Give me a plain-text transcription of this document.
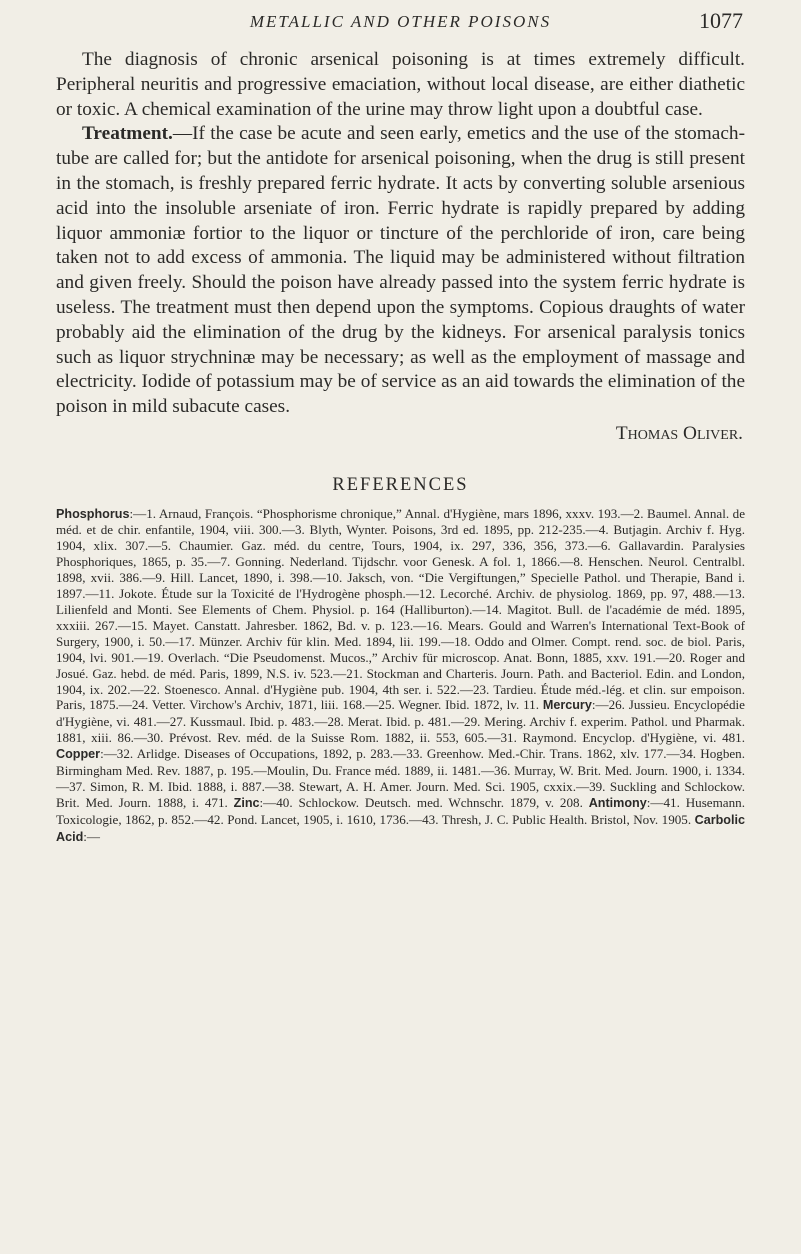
METALLIC AND OTHER POISONS	1077

The diagnosis of chronic arsenical poisoning is at times extremely difficult. Peripheral neuritis and progressive emaciation, without local disease, are either diathetic or toxic. A chemical examination of the urine may throw light upon a doubtful case.

Treatment.—If the case be acute and seen early, emetics and the use of the stomach-tube are called for; but the antidote for arsenical poisoning, when the drug is still present in the stomach, is freshly prepared ferric hydrate. It acts by converting soluble arsenious acid into the insoluble arseniate of iron. Ferric hydrate is rapidly prepared by adding liquor ammoniæ fortior to the liquor or tincture of the perchloride of iron, care being taken not to add excess of ammonia. The liquid may be administered without filtration and given freely. Should the poison have already passed into the system ferric hydrate is useless. The treatment must then depend upon the symptoms. Copious draughts of water probably aid the elimination of the drug by the kidneys. For arsenical paralysis tonics such as liquor strychninæ may be necessary; as well as the employment of massage and electricity. Iodide of potassium may be of service as an aid towards the elimination of the poison in mild subacute cases.

Thomas Oliver.
REFERENCES
Phosphorus:—1. Arnaud, François. “Phosphorisme chronique,” Annal. d'Hygiène, mars 1896, xxxv. 193.—2. Baumel. Annal. de méd. et de chir. enfantile, 1904, viii. 300.—3. Blyth, Wynter. Poisons, 3rd ed. 1895, pp. 212-235.—4. Butjagin. Archiv f. Hyg. 1904, xlix. 307.—5. Chaumier. Gaz. méd. du centre, Tours, 1904, ix. 297, 336, 356, 373.—6. Gallavardin. Paralysies Phosphoriques, 1865, p. 35.—7. Gonning. Nederland. Tijdschr. voor Genesk. A fol. 1, 1866.—8. Henschen. Neurol. Centralbl. 1898, xvii. 386.—9. Hill. Lancet, 1890, i. 398.—10. Jaksch, von. “Die Vergiftungen,” Specielle Pathol. und Therapie, Band i. 1897.—11. Jokote. Étude sur la Toxicité de l'Hydrogène phosph.—12. Lecorché. Archiv. de physiolog. 1869, pp. 97, 488.—13. Lilienfeld and Monti. See Elements of Chem. Physiol. p. 164 (Halliburton).—14. Magitot. Bull. de l'académie de méd. 1895, xxxiii. 267.—15. Mayet. Canstatt. Jahresber. 1862, Bd. v. p. 123.—16. Mears. Gould and Warren's International Text-Book of Surgery, 1900, i. 50.—17. Münzer. Archiv für klin. Med. 1894, lii. 199.—18. Oddo and Olmer. Compt. rend. soc. de biol. Paris, 1904, lvi. 901.—19. Overlach. “Die Pseudomenst. Mucos.,” Archiv für microscop. Anat. Bonn, 1885, xxv. 191.—20. Roger and Josué. Gaz. hebd. de méd. Paris, 1899, N.S. iv. 523.—21. Stockman and Charteris. Journ. Path. and Bacteriol. Edin. and London, 1904, ix. 202.—22. Stoenesco. Annal. d'Hygiène pub. 1904, 4th ser. i. 522.—23. Tardieu. Étude méd.-lég. et clin. sur empoison. Paris, 1875.—24. Vetter. Virchow's Archiv, 1871, liii. 168.—25. Wegner. Ibid. 1872, lv. 11. Mercury:—26. Jussieu. Encyclopédie d'Hygiène, vi. 481.—27. Kussmaul. Ibid. p. 483.—28. Merat. Ibid. p. 481.—29. Mering. Archiv f. experim. Pathol. und Pharmak. 1881, xiii. 86.—30. Prévost. Rev. méd. de la Suisse Rom. 1882, ii. 553, 605.—31. Raymond. Encyclop. d'Hygiène, vi. 481. Copper:—32. Arlidge. Diseases of Occupations, 1892, p. 283.—33. Greenhow. Med.-Chir. Trans. 1862, xlv. 177.—34. Hogben. Birmingham Med. Rev. 1887, p. 195.—Moulin, Du. France méd. 1889, ii. 1481.—36. Murray, W. Brit. Med. Journ. 1900, i. 1334.—37. Simon, R. M. Ibid. 1888, i. 887.—38. Stewart, A. H. Amer. Journ. Med. Sci. 1905, cxxix.—39. Suckling and Schlockow. Brit. Med. Journ. 1888, i. 471. Zinc:—40. Schlockow. Deutsch. med. Wchnschr. 1879, v. 208. Antimony:—41. Husemann. Toxicologie, 1862, p. 852.—42. Pond. Lancet, 1905, i. 1610, 1736.—43. Thresh, J. C. Public Health. Bristol, Nov. 1905. Carbolic Acid:—
